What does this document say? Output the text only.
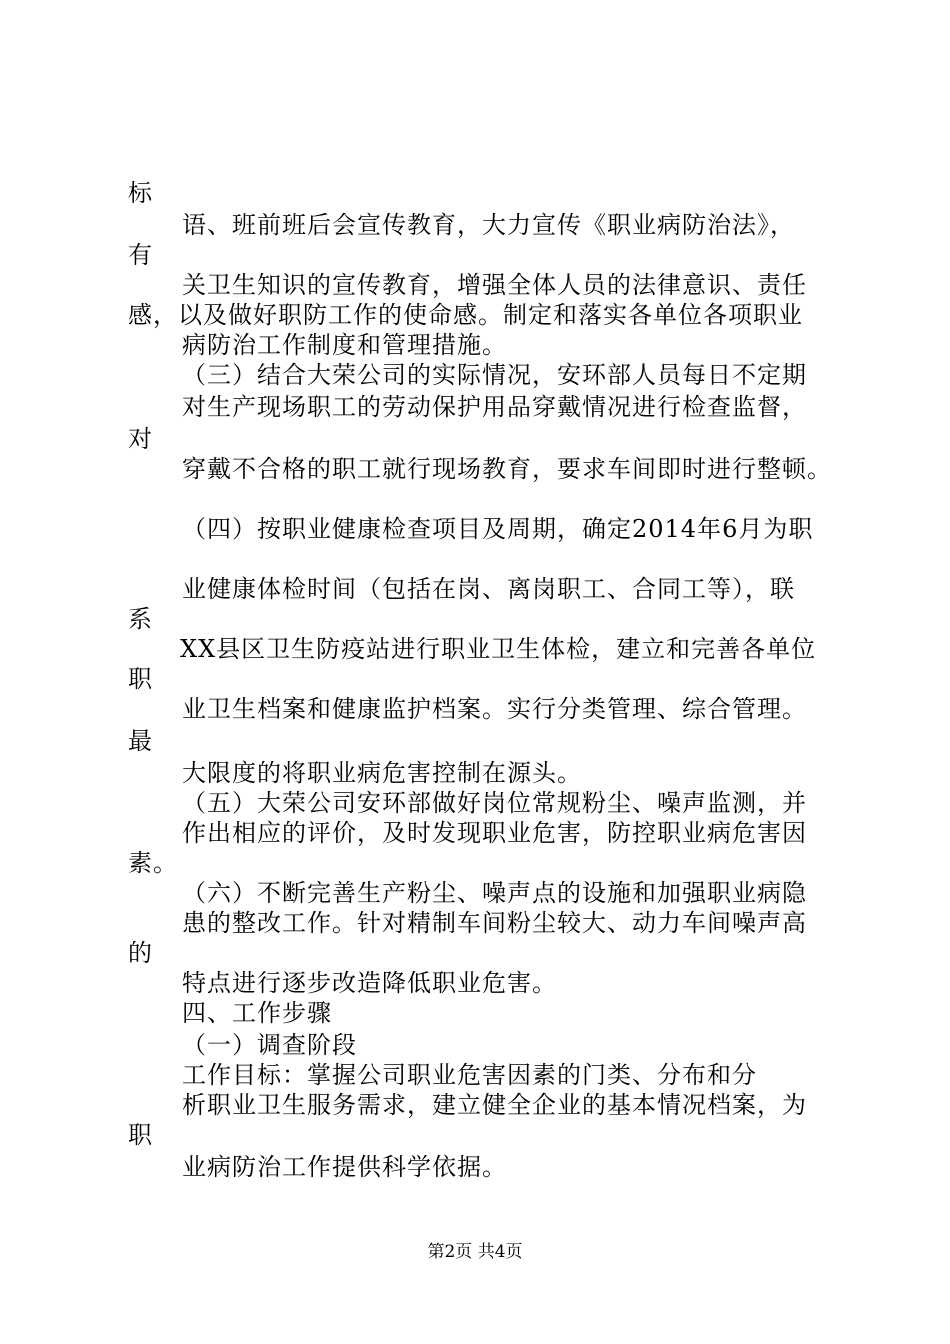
标
语、班前班后会宣传教育，大力宣传《职业病防治法》，
有
关卫生知识的宣传教育，增强全体人员的法律意识、责任
感，以及做好职防工作的使命感。制定和落实各单位各项职业
病防治工作制度和管理措施。
（三）结合大荣公司的实际情况，安环部人员每日不定期
对生产现场职工的劳动保护用品穿戴情况进行检查监督，
对
穿戴不合格的职工就行现场教育，要求车间即时进行整顿。
（四）按职业健康检查项目及周期，确定2014年6月为职
业健康体检时间（包括在岗、离岗职工、合同工等），联
系
XX县区卫生防疫站进行职业卫生体检，建立和完善各单位
职
业卫生档案和健康监护档案。实行分类管理、综合管理。
最
大限度的将职业病危害控制在源头。
（五）大荣公司安环部做好岗位常规粉尘、噪声监测，并
作出相应的评价，及时发现职业危害，防控职业病危害因
素。
（六）不断完善生产粉尘、噪声点的设施和加强职业病隐
患的整改工作。针对精制车间粉尘较大、动力车间噪声高
的
特点进行逐步改造降低职业危害。
四、工作步骤
（一）调查阶段
工作目标：掌握公司职业危害因素的门类、分布和分
析职业卫生服务需求，建立健全企业的基本情况档案，为
职
业病防治工作提供科学依据。
第2页 共4页
